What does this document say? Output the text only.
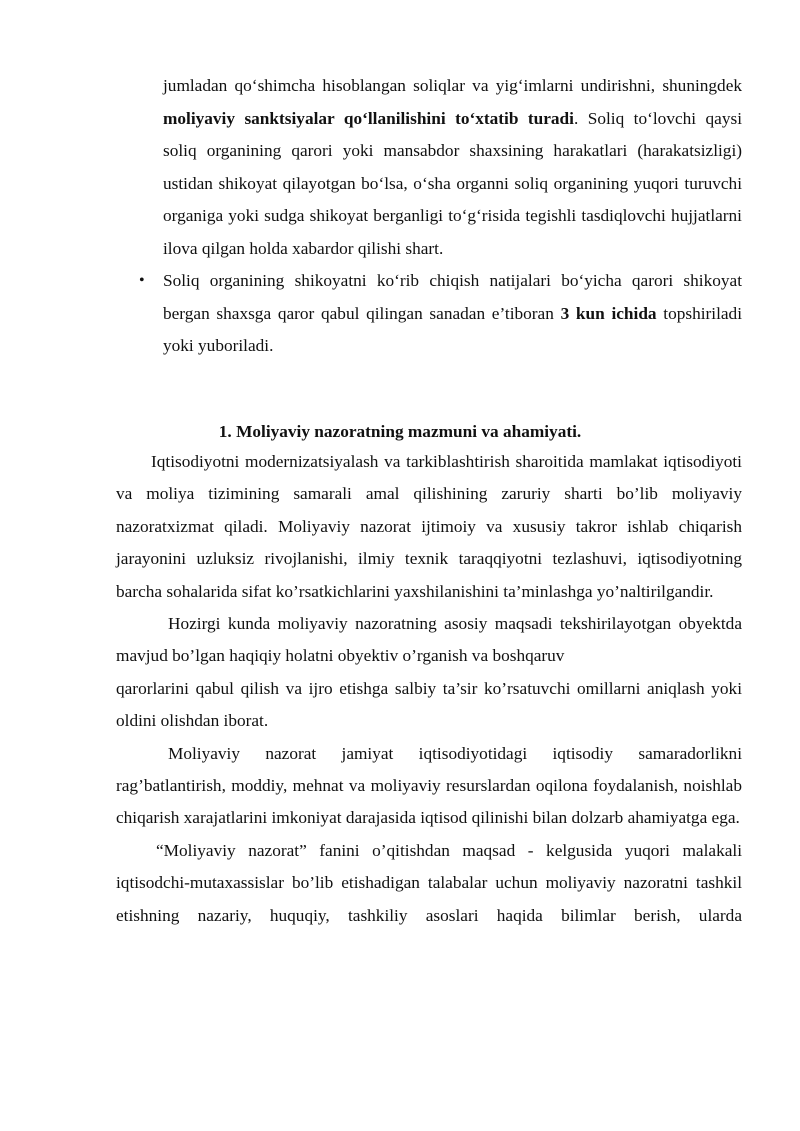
jumladan qo‘shimcha hisoblangan soliqlar va yig‘imlarni undirishni, shuningdek moliyaviy sanktsiyalar qo‘llanilishini to‘xtatib turadi. Soliq to‘lovchi qaysi soliq organining qarori yoki mansabdor shaxsining harakatlari (harakatsizligi) ustidan shikoyat qilayotgan bo‘lsa, o‘sha organni soliq organining yuqori turuvchi organiga yoki sudga shikoyat berganligi to‘g‘risida tegishli tasdiqlovchi hujjatlarni ilova qilgan holda xabardor qilishi shart.

• Soliq organining shikoyatni ko‘rib chiqish natijalari bo‘yicha qarori shikoyat bergan shaxsga qaror qabul qilingan sanadan e’tiboran 3 kun ichida topshiriladi yoki yuboriladi.

1. Moliyaviy nazoratning mazmuni va ahamiyati.

Iqtisodiyotni modernizatsiyalash va tarkiblashtirish sharoitida mamlakat iqtisodiyoti va moliya tizimining samarali amal qilishining zaruriy sharti bo’lib moliyaviy nazoratxizmat qiladi. Moliyaviy nazorat ijtimoiy va xususiy takror ishlab chiqarish jarayonini uzluksiz rivojlanishi, ilmiy texnik taraqqiyotni tezlashuvi, iqtisodiyotning barcha sohalarida sifat ko’rsatkichlarini yaxshilanishini ta’minlashga yo’naltirilgandir.

Hozirgi kunda moliyaviy nazoratning asosiy maqsadi tekshirilayotgan obyektda mavjud bo’lgan haqiqiy holatni obyektiv o’rganish va boshqaruv

qarorlarini qabul qilish va ijro etishga salbiy ta’sir ko’rsatuvchi omillarni aniqlash yoki oldini olishdan iborat.

Moliyaviy nazorat jamiyat iqtisodiyotidagi iqtisodiy samaradorlikni rag’batlantirish, moddiy, mehnat va moliyaviy resurslardan oqilona foydalanish, noishlab chiqarish xarajatlarini imkoniyat darajasida iqtisod qilinishi bilan dolzarb ahamiyatga ega.

“Moliyaviy nazorat” fanini o’qitishdan maqsad - kelgusida yuqori malakali iqtisodchi-mutaxassislar bo’lib etishadigan talabalar uchun moliyaviy nazoratni tashkil etishning nazariy, huquqiy, tashkiliy asoslari haqida bilimlar berish, ularda
